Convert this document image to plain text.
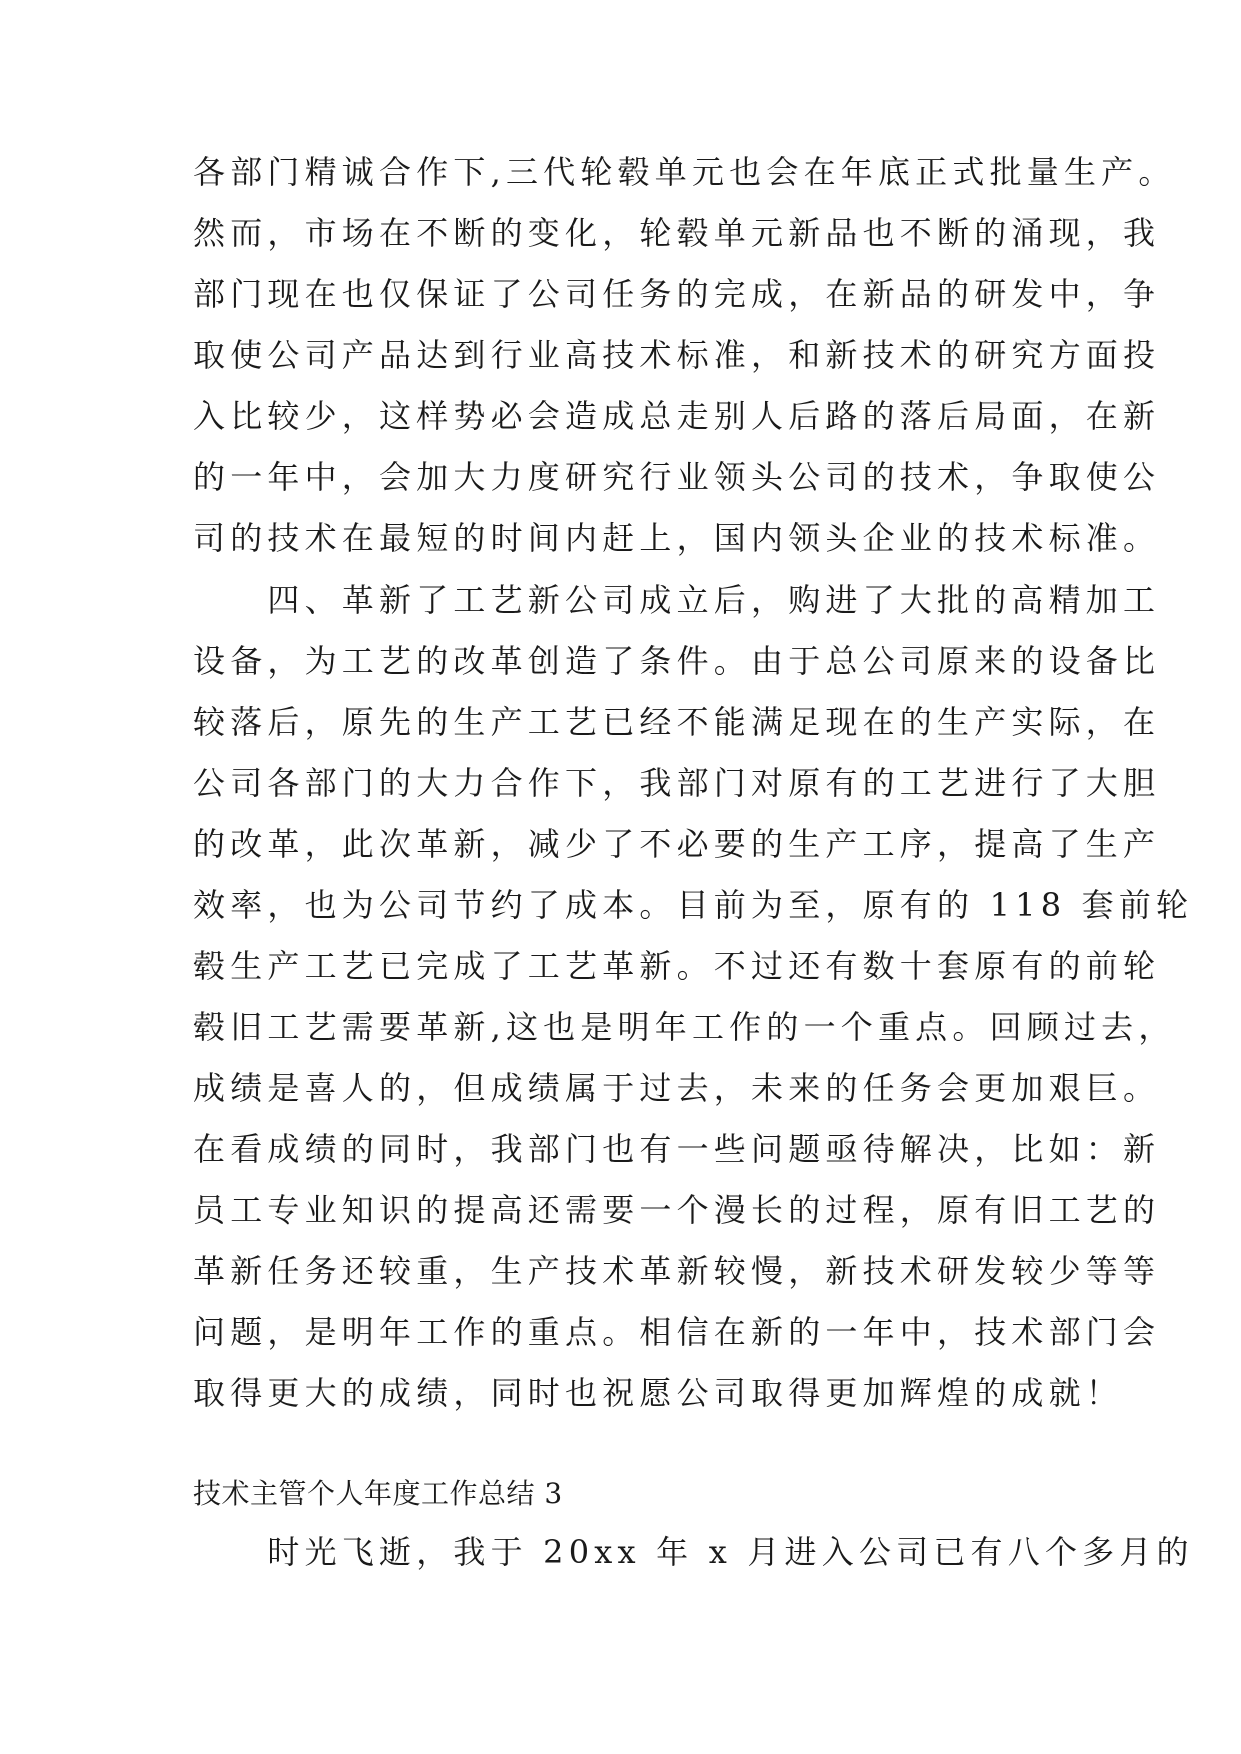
各部门精诚合作下,三代轮毂单元也会在年底正式批量生产。
然而，市场在不断的变化，轮毂单元新品也不断的涌现，我
部门现在也仅保证了公司任务的完成，在新品的研发中，争
取使公司产品达到行业高技术标准，和新技术的研究方面投
入比较少，这样势必会造成总走别人后路的落后局面，在新
的一年中，会加大力度研究行业领头公司的技术，争取使公
司的技术在最短的时间内赶上，国内领头企业的技术标准。
　　四、革新了工艺新公司成立后，购进了大批的高精加工
设备，为工艺的改革创造了条件。由于总公司原来的设备比
较落后，原先的生产工艺已经不能满足现在的生产实际，在
公司各部门的大力合作下，我部门对原有的工艺进行了大胆
的改革，此次革新，减少了不必要的生产工序，提高了生产
效率，也为公司节约了成本。目前为至，原有的 118 套前轮
毂生产工艺已完成了工艺革新。不过还有数十套原有的前轮
毂旧工艺需要革新,这也是明年工作的一个重点。回顾过去，
成绩是喜人的，但成绩属于过去，未来的任务会更加艰巨。
在看成绩的同时，我部门也有一些问题亟待解决，比如：新
员工专业知识的提高还需要一个漫长的过程，原有旧工艺的
革新任务还较重，生产技术革新较慢，新技术研发较少等等
问题，是明年工作的重点。相信在新的一年中，技术部门会
取得更大的成绩，同时也祝愿公司取得更加辉煌的成就！
技术主管个人年度工作总结 3
　　时光飞逝，我于 20xx 年 x 月进入公司已有八个多月的
